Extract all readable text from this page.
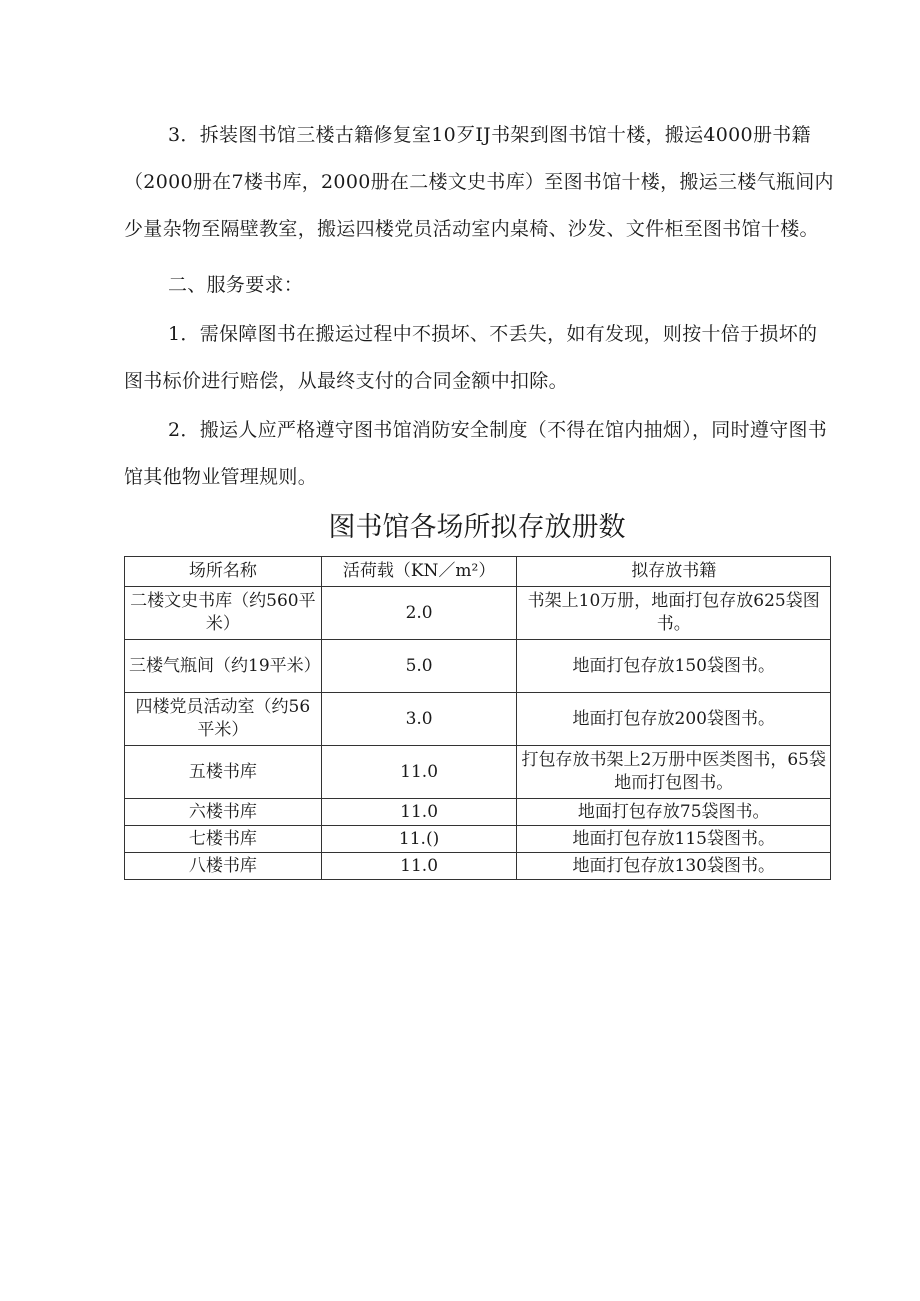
3．拆装图书馆三楼古籍修复室10歹IJ书架到图书馆十楼，搬运4000册书籍（2000册在7楼书库，2000册在二楼文史书库）至图书馆十楼，搬运三楼气瓶间内少量杂物至隔壁教室，搬运四楼党员活动室内桌椅、沙发、文件柜至图书馆十楼。

二、服务要求：

1．需保障图书在搬运过程中不损坏、不丢失，如有发现，则按十倍于损坏的图书标价进行赔偿，从最终支付的合同金额中扣除。

2．搬运人应严格遵守图书馆消防安全制度（不得在馆内抽烟），同时遵守图书馆其他物业管理规则。

图书馆各场所拟存放册数
场所名称	活荷载（KN／m²）	拟存放书籍
二楼文史书库（约560平米）	2.0	书架上10万册，地面打包存放625袋图书。
三楼气瓶间（约19平米）	5.0	地面打包存放150袋图书。
四楼党员活动室（约56平米）	3.0	地面打包存放200袋图书。
五楼书库	11.0	打包存放书架上2万册中医类图书，65袋地而打包图书。
六楼书库	11.0	地面打包存放75袋图书。
七楼书库	11.()	地面打包存放115袋图书。
八楼书库	11.0	地面打包存放130袋图书。
